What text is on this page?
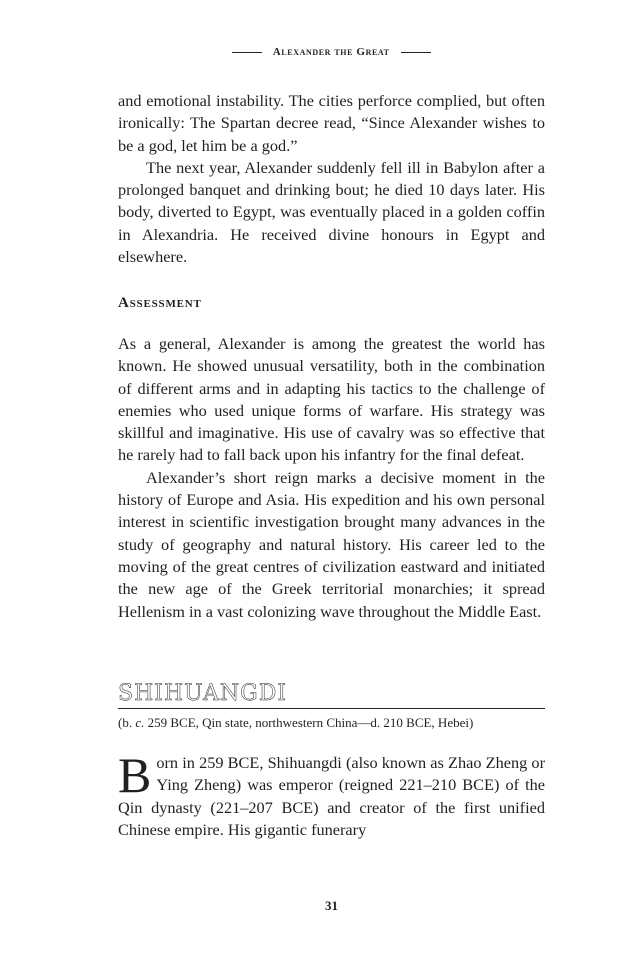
Alexander the Great

and emotional instability. The cities perforce complied, but often ironically: The Spartan decree read, “Since Alexander wishes to be a god, let him be a god.”

The next year, Alexander suddenly fell ill in Babylon after a prolonged banquet and drinking bout; he died 10 days later. His body, diverted to Egypt, was eventually placed in a golden coffin in Alexandria. He received divine honours in Egypt and elsewhere.

Assessment

As a general, Alexander is among the greatest the world has known. He showed unusual versatility, both in the combination of different arms and in adapting his tactics to the challenge of enemies who used unique forms of warfare. His strategy was skillful and imaginative. His use of cavalry was so effective that he rarely had to fall back upon his infantry for the final defeat.

Alexander’s short reign marks a decisive moment in the history of Europe and Asia. His expedition and his own personal interest in scientific investigation brought many advances in the study of geography and natural history. His career led to the moving of the great centres of civilization eastward and initiated the new age of the Greek territorial monarchies; it spread Hellenism in a vast colonizing wave throughout the Middle East.

SHIHUANGDI
(b. c. 259 BCE, Qin state, northwestern China—d. 210 BCE, Hebei)

Born in 259 BCE, Shihuangdi (also known as Zhao Zheng or Ying Zheng) was emperor (reigned 221–210 BCE) of the Qin dynasty (221–207 BCE) and creator of the first unified Chinese empire. His gigantic funerary

31
